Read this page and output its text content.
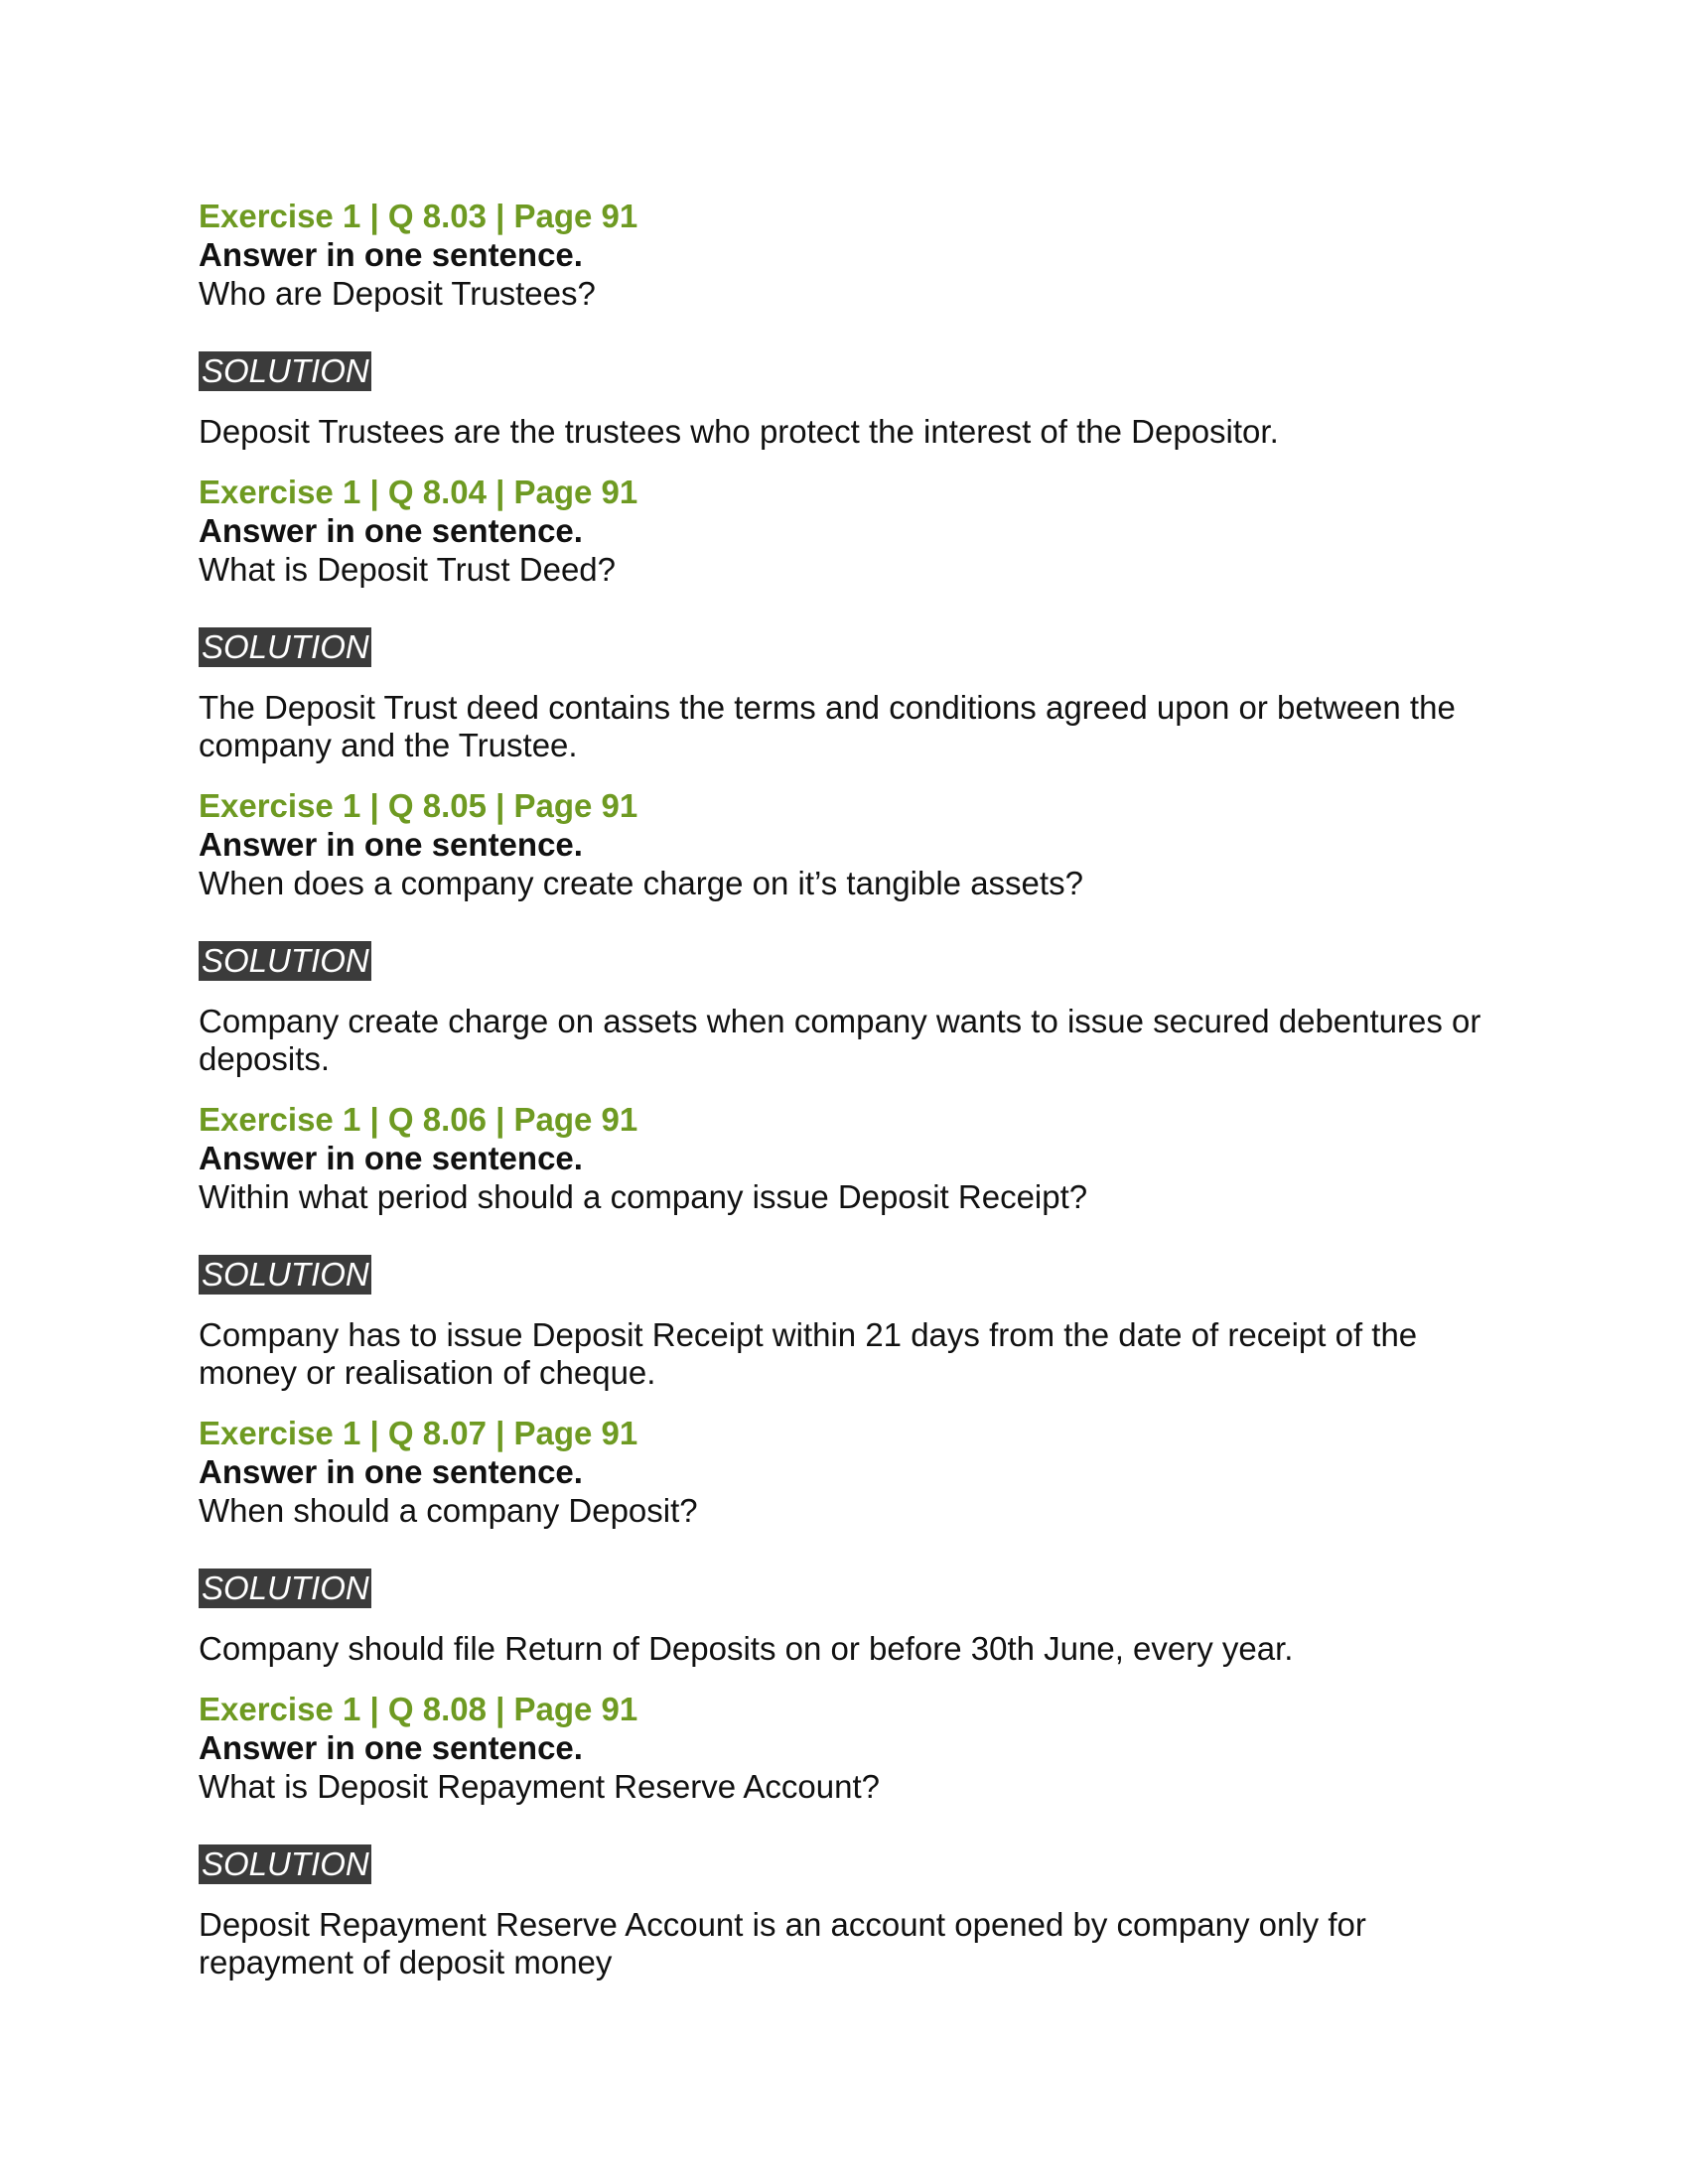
Exercise 1 | Q 8.03 | Page 91

Answer in one sentence.

Who are Deposit Trustees?

SOLUTION

Deposit Trustees are the trustees who protect the interest of the Depositor.

Exercise 1 | Q 8.04 | Page 91

Answer in one sentence.

What is Deposit Trust Deed?

SOLUTION

The Deposit Trust deed contains the terms and conditions agreed upon or between the company and the Trustee.

Exercise 1 | Q 8.05 | Page 91

Answer in one sentence.

When does a company create charge on it’s tangible assets?

SOLUTION

Company create charge on assets when company wants to issue secured debentures or deposits.

Exercise 1 | Q 8.06 | Page 91

Answer in one sentence.

Within what period should a company issue Deposit Receipt?

SOLUTION

Company has to issue Deposit Receipt within 21 days from the date of receipt of the money or realisation of cheque.

Exercise 1 | Q 8.07 | Page 91

Answer in one sentence.

When should a company Deposit?

SOLUTION

Company should file Return of Deposits on or before 30th June, every year.

Exercise 1 | Q 8.08 | Page 91

Answer in one sentence.

What is Deposit Repayment Reserve Account?

SOLUTION

Deposit Repayment Reserve Account is an account opened by company only for repayment of deposit money
